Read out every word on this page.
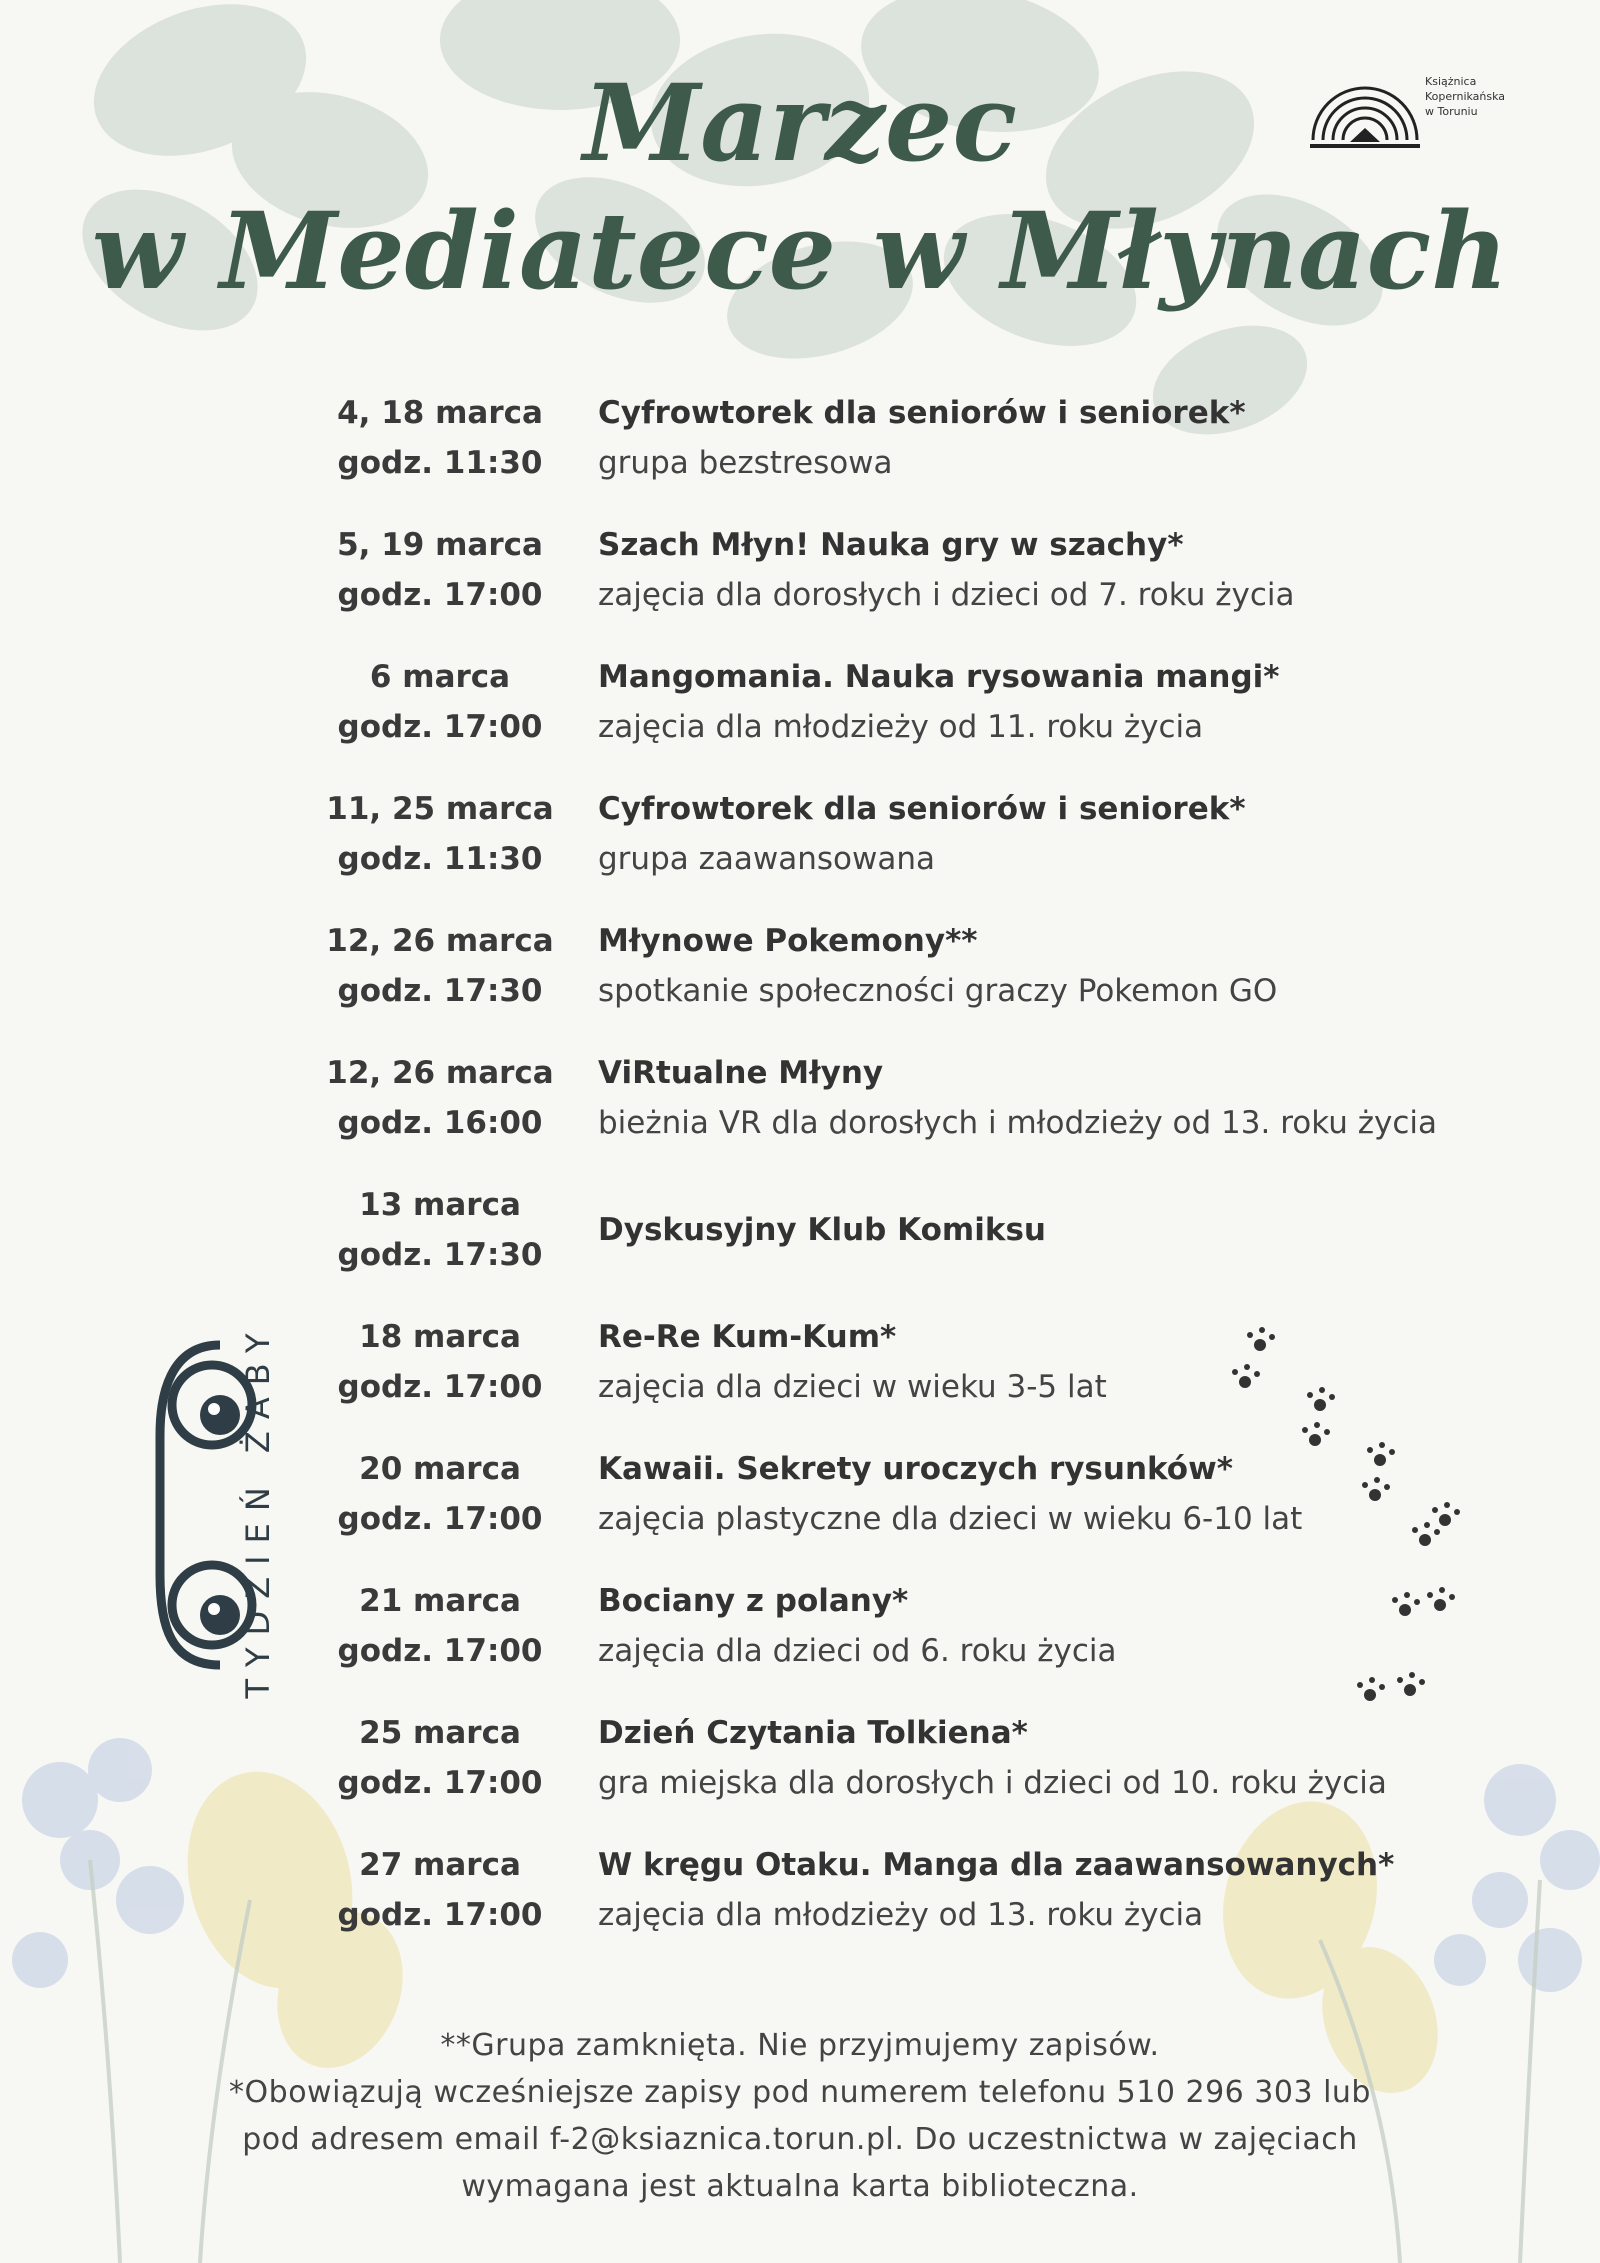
Marzec
w Mediatece w Młynach
Książnica
Kopernikańska
w Toruniu
4, 18 marca
godz. 11:30
Cyfrowtorek dla seniorów i seniorek*
grupa bezstresowa
5, 19 marca
godz. 17:00
Szach Młyn! Nauka gry w szachy*
zajęcia dla dorosłych i dzieci od 7. roku życia
6 marca
godz. 17:00
Mangomania. Nauka rysowania mangi*
zajęcia dla młodzieży od 11. roku życia
11, 25 marca
godz. 11:30
Cyfrowtorek dla seniorów i seniorek*
grupa zaawansowana
12, 26 marca
godz. 17:30
Młynowe Pokemony**
spotkanie społeczności graczy Pokemon GO
12, 26 marca
godz. 16:00
ViRtualne Młyny
bieżnia VR dla dorosłych i młodzieży od 13. roku życia
13 marca
godz. 17:30
Dyskusyjny Klub Komiksu
18 marca
godz. 17:00
Re-Re Kum-Kum*
zajęcia dla dzieci w wieku 3-5 lat
20 marca
godz. 17:00
Kawaii. Sekrety uroczych rysunków*
zajęcia plastyczne dla dzieci w wieku 6-10 lat
21 marca
godz. 17:00
Bociany z polany*
zajęcia dla dzieci od 6. roku życia
25 marca
godz. 17:00
Dzień Czytania Tolkiena*
gra miejska dla dorosłych i dzieci od 10. roku życia
27 marca
godz. 17:00
W kręgu Otaku. Manga dla zaawansowanych*
zajęcia dla młodzieży od 13. roku życia
TYDZIEŃ ŻABY
**Grupa zamknięta. Nie przyjmujemy zapisów.
*Obowiązują wcześniejsze zapisy pod numerem telefonu 510 296 303 lub
pod adresem email f-2@ksiaznica.torun.pl. Do uczestnictwa w zajęciach
wymagana jest aktualna karta biblioteczna.
